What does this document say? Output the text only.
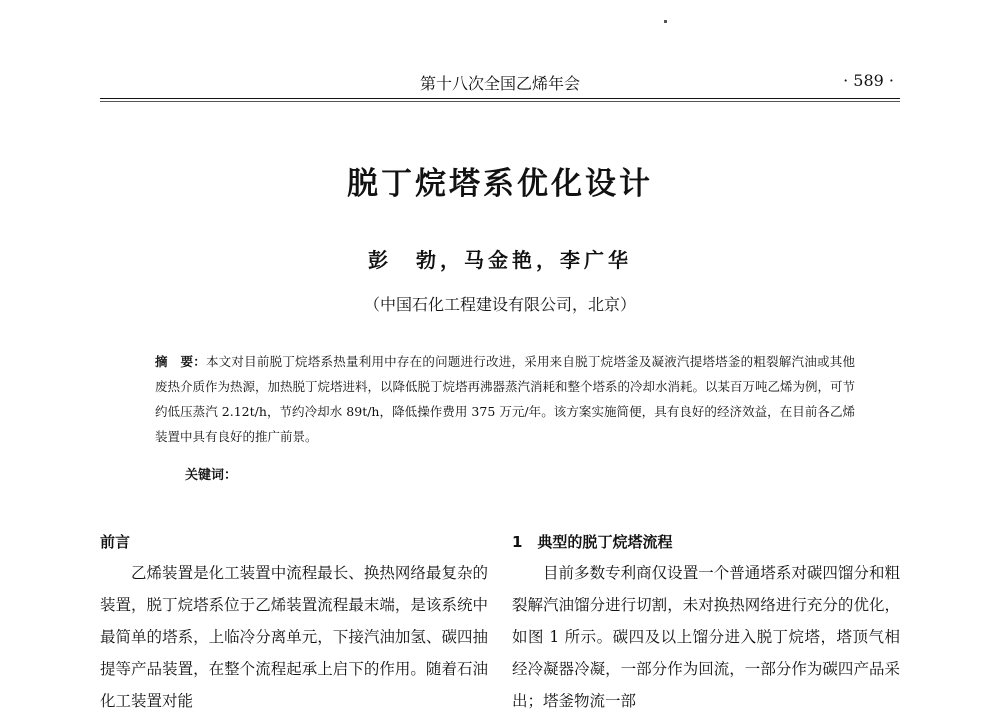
第十八次全国乙烯年会	· 589 ·
脱丁烷塔系优化设计
彭　勃，马金艳，李广华
（中国石化工程建设有限公司，北京）
摘　要：本文对目前脱丁烷塔系热量利用中存在的问题进行改进，采用来自脱丁烷塔釜及凝液汽提塔塔釜的粗裂解汽油或其他废热介质作为热源，加热脱丁烷塔进料，以降低脱丁烷塔再沸器蒸汽消耗和整个塔系的冷却水消耗。以某百万吨乙烯为例，可节约低压蒸汽 2.12t/h，节约冷却水 89t/h，降低操作费用 375 万元/年。该方案实施简便，具有良好的经济效益，在目前各乙烯装置中具有良好的推广前景。
关键词：
前言

乙烯装置是化工装置中流程最长、换热网络最复杂的装置，脱丁烷塔系位于乙烯装置流程最末端，是该系统中最简单的塔系，上临冷分离单元，下接汽油加氢、碳四抽提等产品装置，在整个流程起承上启下的作用。随着石油化工装置对能

1　典型的脱丁烷塔流程

目前多数专利商仅设置一个普通塔系对碳四馏分和粗裂解汽油馏分进行切割，未对换热网络进行充分的优化，如图 1 所示。碳四及以上馏分进入脱丁烷塔，塔顶气相经冷凝器冷凝，一部分作为回流，一部分作为碳四产品采出；塔釜物流一部
